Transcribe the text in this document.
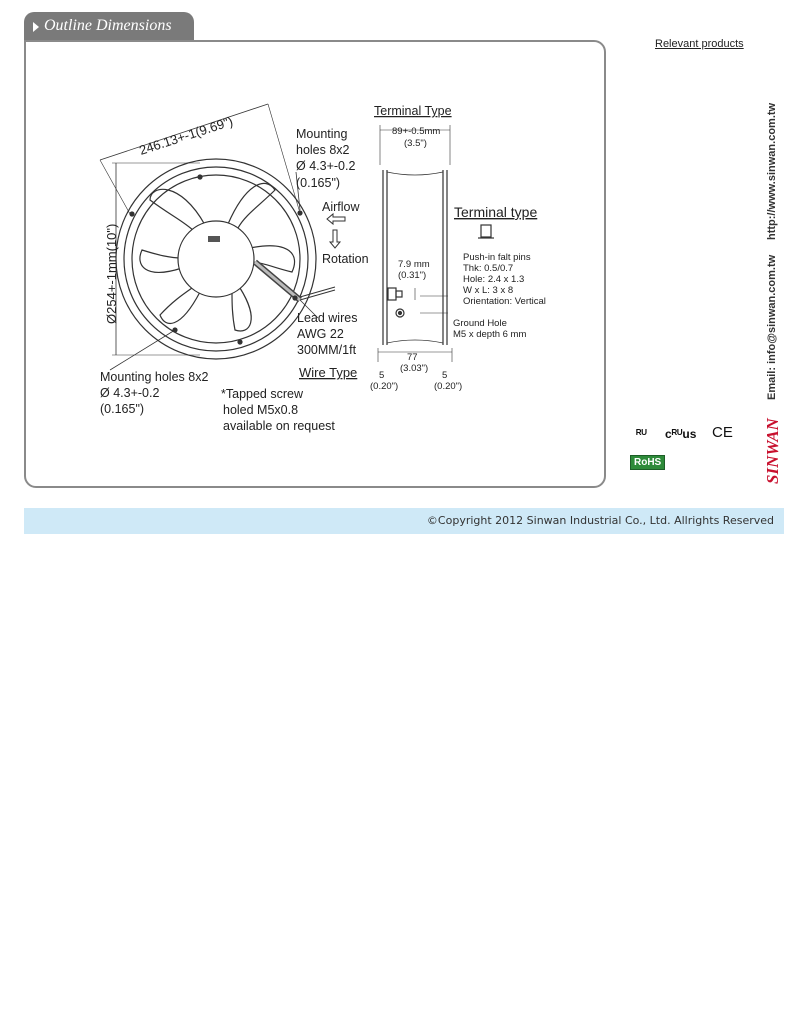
Outline Dimensions
246.13+-1(9.69")
Ø254+-1mm(10")
Mounting
holes 8x2
Ø 4.3+-0.2
(0.165")
Airflow
Rotation
Lead wires
AWG 22
300MM/1ft
Wire Type
Mounting holes 8x2
Ø 4.3+-0.2
(0.165")
*Tapped screw
holed M5x0.8
available on request
Terminal Type
89+-0.5mm
(3.5")
Terminal type
Push-in falt pins
Thk: 0.5/0.7
Hole: 2.4 x 1.3
W x L: 3 x 8
Orientation: Vertical
7.9 mm
(0.31")
Ground Hole
M5 x depth 6 mm
77
(3.03")
5
(0.20")
5
(0.20")
Relevant products
http://www.sinwan.com.tw
Email: info@sinwan.com.tw
SINWAN
ᴿᵁ cᴿᵁus CE
RoHS
©Copyright 2012 Sinwan Industrial Co., Ltd. Allrights Reserved
